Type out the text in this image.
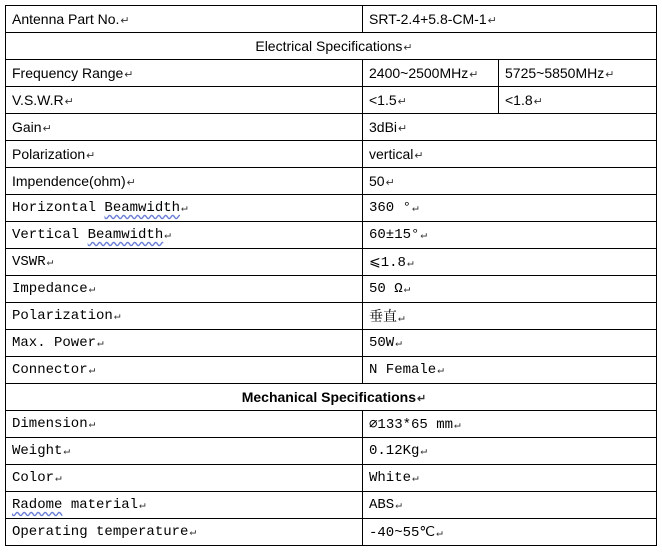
Antenna Part No.↵	SRT-2.4+5.8-CM-1↵	
Electrical Specifications↵		
Frequency Range↵	2400~2500MHz↵	5725~5850MHz↵
V.S.W.R↵	<1.5↵	<1.8↵
Gain↵	3dBi↵	
Polarization↵	vertical↵	
Impendence(ohm)↵	50↵	
Horizontal Beamwidth↵	360 °↵	
Vertical Beamwidth↵	60±15°↵	
VSWR↵	⩽1.8↵	
Impedance↵	50 Ω↵	
Polarization↵	垂直↵	
Max. Power↵	50W↵	
Connector↵	N Female↵	
Mechanical Specifications↵		
Dimension↵	∅133*65 mm↵	
Weight↵	0.12Kg↵	
Color↵	White↵	
Radome material↵	ABS↵	
Operating temperature↵	-40~55℃↵	
